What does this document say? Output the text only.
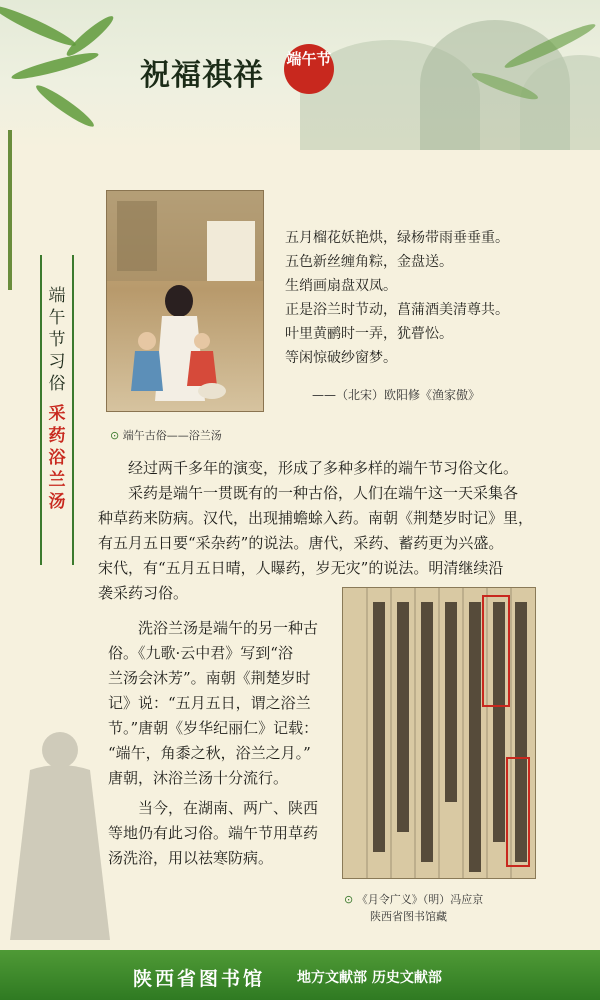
祝福祺祥 端午节
端午节习俗
采药浴兰汤
⊙ 端午古俗——浴兰汤
五月榴花妖艳烘，绿杨带雨垂垂重。
五色新丝缠角粽，金盘送。
生绡画扇盘双凤。
正是浴兰时节动，菖蒲酒美清尊共。
叶里黄鹂时一弄，犹瞢忪。
等闲惊破纱窗梦。
——（北宋）欧阳修《渔家傲》
经过两千多年的演变，形成了多种多样的端午节习俗文化。
采药是端午一贯既有的一种古俗，人们在端午这一天采集各
种草药来防病。汉代，出现捕蟾蜍入药。南朝《荆楚岁时记》里，
有五月五日要“采杂药”的说法。唐代，采药、蓄药更为兴盛。
宋代，有“五月五日晴，人曝药，岁无灾”的说法。明清继续沿
袭采药习俗。
洗浴兰汤是端午的另一种古
俗。《九歌·云中君》写到“浴
兰汤会沐芳”。南朝《荆楚岁时
记》说：“五月五日，谓之浴兰
节。”唐朝《岁华纪丽仁》记载：
“端午，角黍之秋，浴兰之月。”
唐朝，沐浴兰汤十分流行。
当今，在湖南、两广、陕西
等地仍有此习俗。端午节用草药
汤洗浴，用以祛寒防病。
⊙ 《月令广义》（明）冯应京
陕西省图书馆藏
陕西省图书馆 地方文献部 历史文献部
